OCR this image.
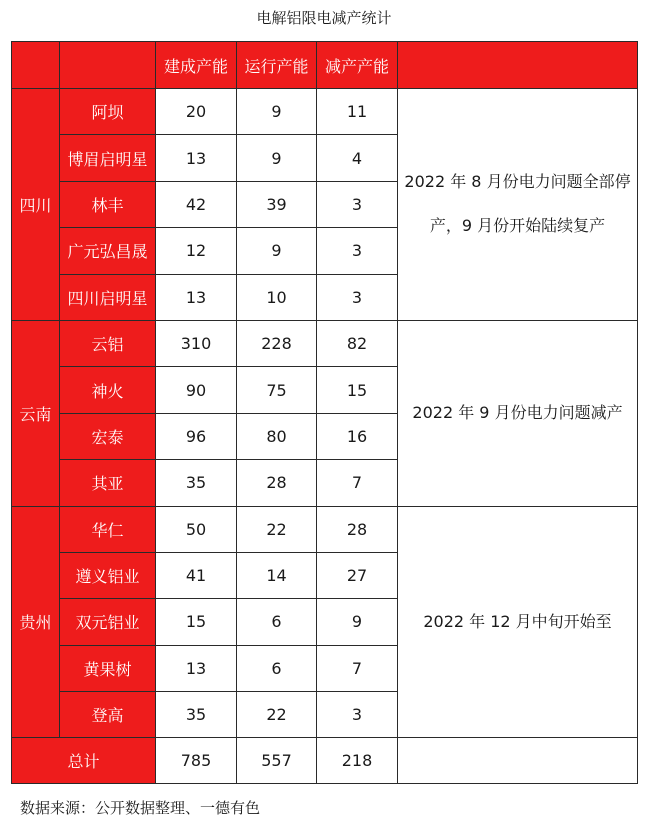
电解铝限电减产统计
		建成产能	运行产能	减产产能	
四川	阿坝	20	9	11	2022 年 8 月份电力问题全部停产，9 月份开始陆续复产
	博眉启明星	13	9	4	
	林丰	42	39	3	
	广元弘昌晟	12	9	3	
	四川启明星	13	10	3	
云南	云铝	310	228	82	2022 年 9 月份电力问题减产
	神火	90	75	15	
	宏泰	96	80	16	
	其亚	35	28	7	
贵州	华仁	50	22	28	2022 年 12 月中旬开始至
	遵义铝业	41	14	27	
	双元铝业	15	6	9	
	黄果树	13	6	7	
	登高	35	22	3	
总计		785	557	218	
数据来源：公开数据整理、一德有色
